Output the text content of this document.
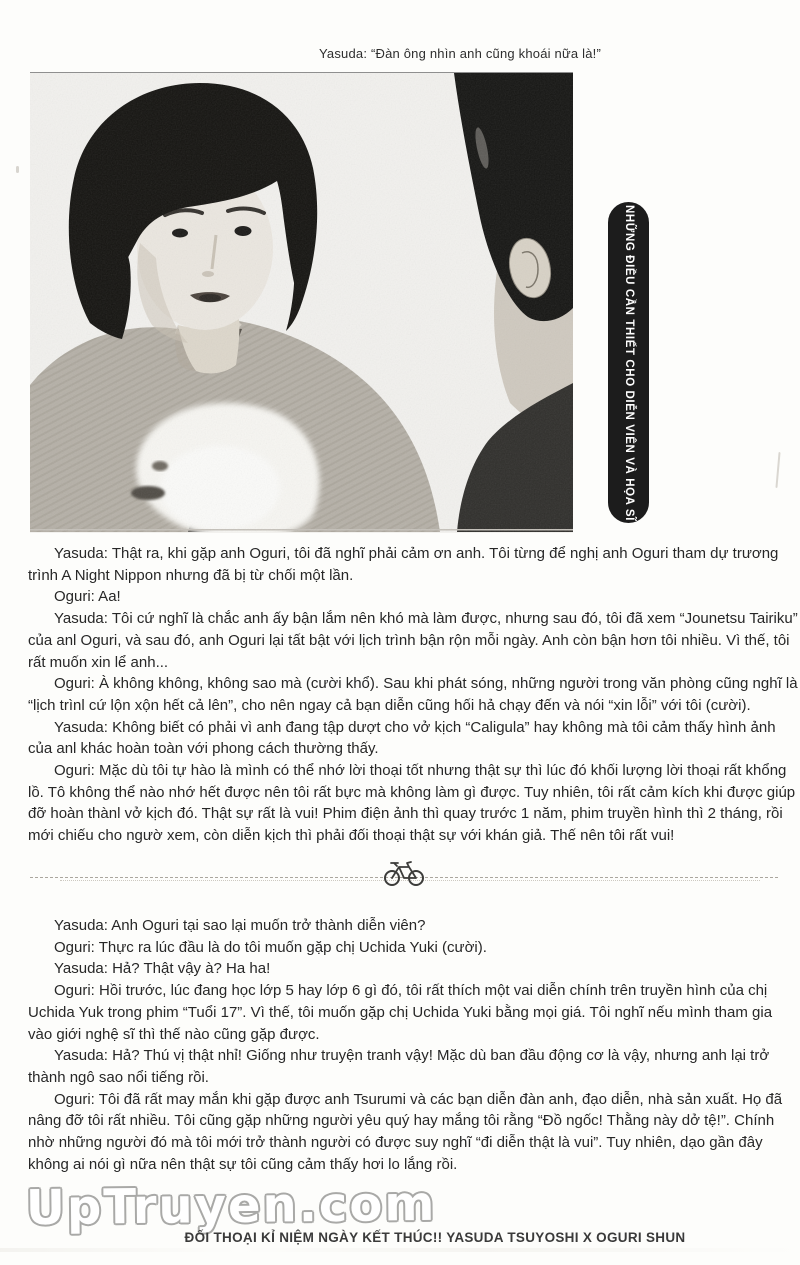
Yasuda: “Đàn ông nhìn anh cũng khoái nữa là!”
NHỮNG ĐIỀU CẦN THIẾT CHO DIỄN VIÊN VÀ HỌA SĨ

Yasuda: Thật ra, khi gặp anh Oguri, tôi đã nghĩ phải cảm ơn anh. Tôi từng để nghị anh Oguri tham dự trương trình A Night Nippon nhưng đã bị từ chối một lần.

Oguri: Aa!

Yasuda: Tôi cứ nghĩ là chắc anh ấy bận lắm nên khó mà làm được, nhưng sau đó, tôi đã xem “Jounetsu Tairiku” của anl Oguri, và sau đó, anh Oguri lại tất bật với lịch trình bận rộn mỗi ngày. Anh còn bận hơn tôi nhiều. Vì thế, tôi rất muốn xin lể anh...

Oguri: À không không, không sao mà (cười khổ). Sau khi phát sóng, những người trong văn phòng cũng nghĩ là “lịch trìnl cứ lộn xộn hết cả lên”, cho nên ngay cả bạn diễn cũng hối hả chạy đến và nói “xin lỗi” với tôi (cười).

Yasuda: Không biết có phải vì anh đang tập dượt cho vở kịch “Caligula” hay không mà tôi cảm thấy hình ảnh của anl khác hoàn toàn với phong cách thường thấy.

Oguri: Mặc dù tôi tự hào là mình có thể nhớ lời thoại tốt nhưng thật sự thì lúc đó khối lượng lời thoại rất khổng lồ. Tô không thể nào nhớ hết được nên tôi rất bực mà không làm gì được. Tuy nhiên, tôi rất cảm kích khi được giúp đỡ hoàn thànl vở kịch đó. Thật sự rất là vui! Phim điện ảnh thì quay trước 1 năm, phim truyền hình thì 2 tháng, rồi mới chiếu cho ngườ xem, còn diễn kịch thì phải đối thoại thật sự với khán giả. Thế nên tôi rất vui!

Yasuda: Anh Oguri tại sao lại muốn trở thành diễn viên?

Oguri: Thực ra lúc đầu là do tôi muốn gặp chị Uchida Yuki (cười).

Yasuda: Hả? Thật vậy à? Ha ha!

Oguri: Hồi trước, lúc đang học lớp 5 hay lớp 6 gì đó, tôi rất thích một vai diễn chính trên truyền hình của chị Uchida Yuk trong phim “Tuổi 17”. Vì thế, tôi muốn gặp chị Uchida Yuki bằng mọi giá. Tôi nghĩ nếu mình tham gia vào giới nghệ sĩ thì thế nào cũng gặp được.

Yasuda: Hả? Thú vị thật nhỉ! Giống như truyện tranh vậy! Mặc dù ban đầu động cơ là vậy, nhưng anh lại trở thành ngô sao nổi tiếng rồi.

Oguri: Tôi đã rất may mắn khi gặp được anh Tsurumi và các bạn diễn đàn anh, đạo diễn, nhà sản xuất. Họ đã nâng đỡ tôi rất nhiều. Tôi cũng gặp những người yêu quý hay mắng tôi rằng “Đồ ngốc! Thằng này dở tệ!”. Chính nhờ những người đó mà tôi mới trở thành người có được suy nghĩ “đi diễn thật là vui”. Tuy nhiên, dạo gần đây không ai nói gì nữa nên thật sự tôi cũng cảm thấy hơi lo lắng rồi.

UpTruyen.com
ĐỐI THOẠI KỈ NIỆM NGÀY KẾT THÚC!! YASUDA TSUYOSHI X OGURI SHUN
